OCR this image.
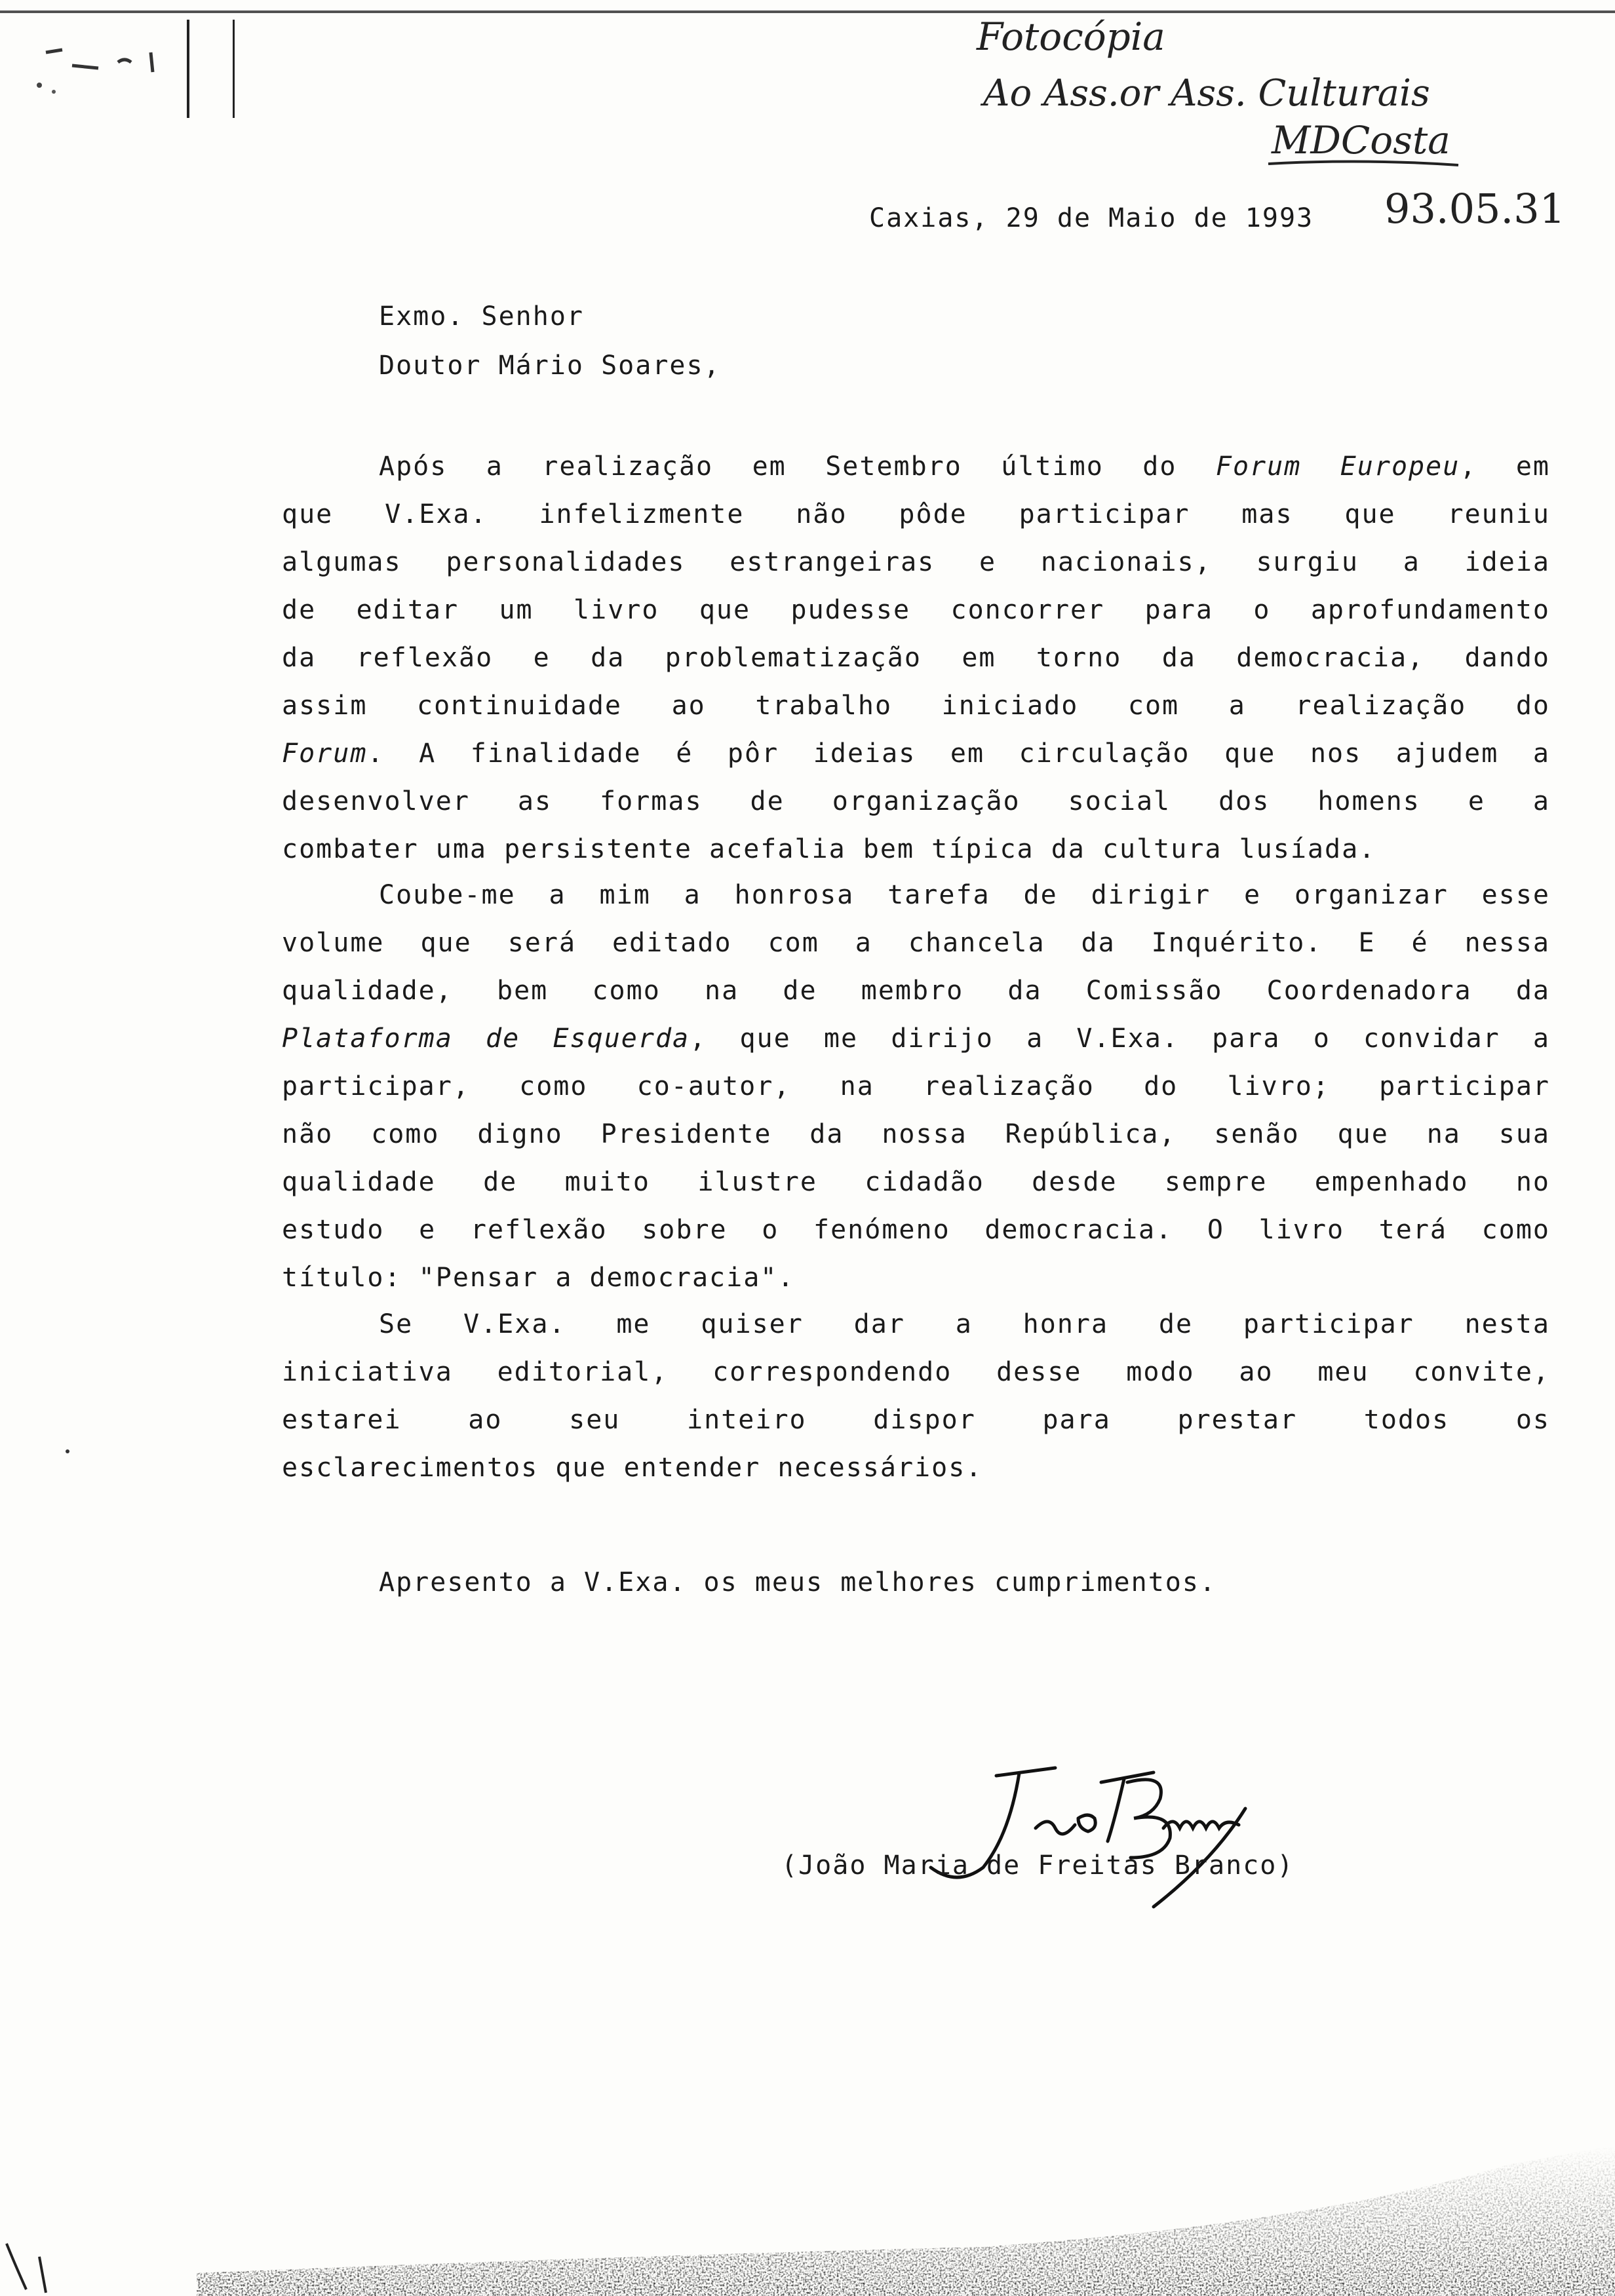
Fotocópia
Ao Ass.or Ass. Culturais
MDCosta
93.05.31
Caxias, 29 de Maio de 1993
Exmo. Senhor
Doutor Mário Soares,
Após a realização em Setembro último do Forum Europeu, em
que V.Exa. infelizmente não pôde participar mas que reuniu
algumas personalidades estrangeiras e nacionais, surgiu a ideia
de editar um livro que pudesse concorrer para o aprofundamento
da reflexão e da problematização em torno da democracia, dando
assim continuidade ao trabalho iniciado com a realização do
Forum. A finalidade é pôr ideias em circulação que nos ajudem a
desenvolver as formas de organização social dos homens e a
combater uma persistente acefalia bem típica da cultura lusíada.
Coube-me a mim a honrosa tarefa de dirigir e organizar esse
volume que será editado com a chancela da Inquérito. E é nessa
qualidade, bem como na de membro da Comissão Coordenadora da
Plataforma de Esquerda, que me dirijo a V.Exa. para o convidar a
participar, como co-autor, na realização do livro; participar
não como digno Presidente da nossa República, senão que na sua
qualidade de muito ilustre cidadão desde sempre empenhado no
estudo e reflexão sobre o fenómeno democracia. O livro terá como
título: "Pensar a democracia".
Se V.Exa. me quiser dar a honra de participar nesta
iniciativa editorial, correspondendo desse modo ao meu convite,
estarei ao seu inteiro dispor para prestar todos os
esclarecimentos que entender necessários.
Apresento a V.Exa. os meus melhores cumprimentos.
(João Maria de Freitas Branco)
